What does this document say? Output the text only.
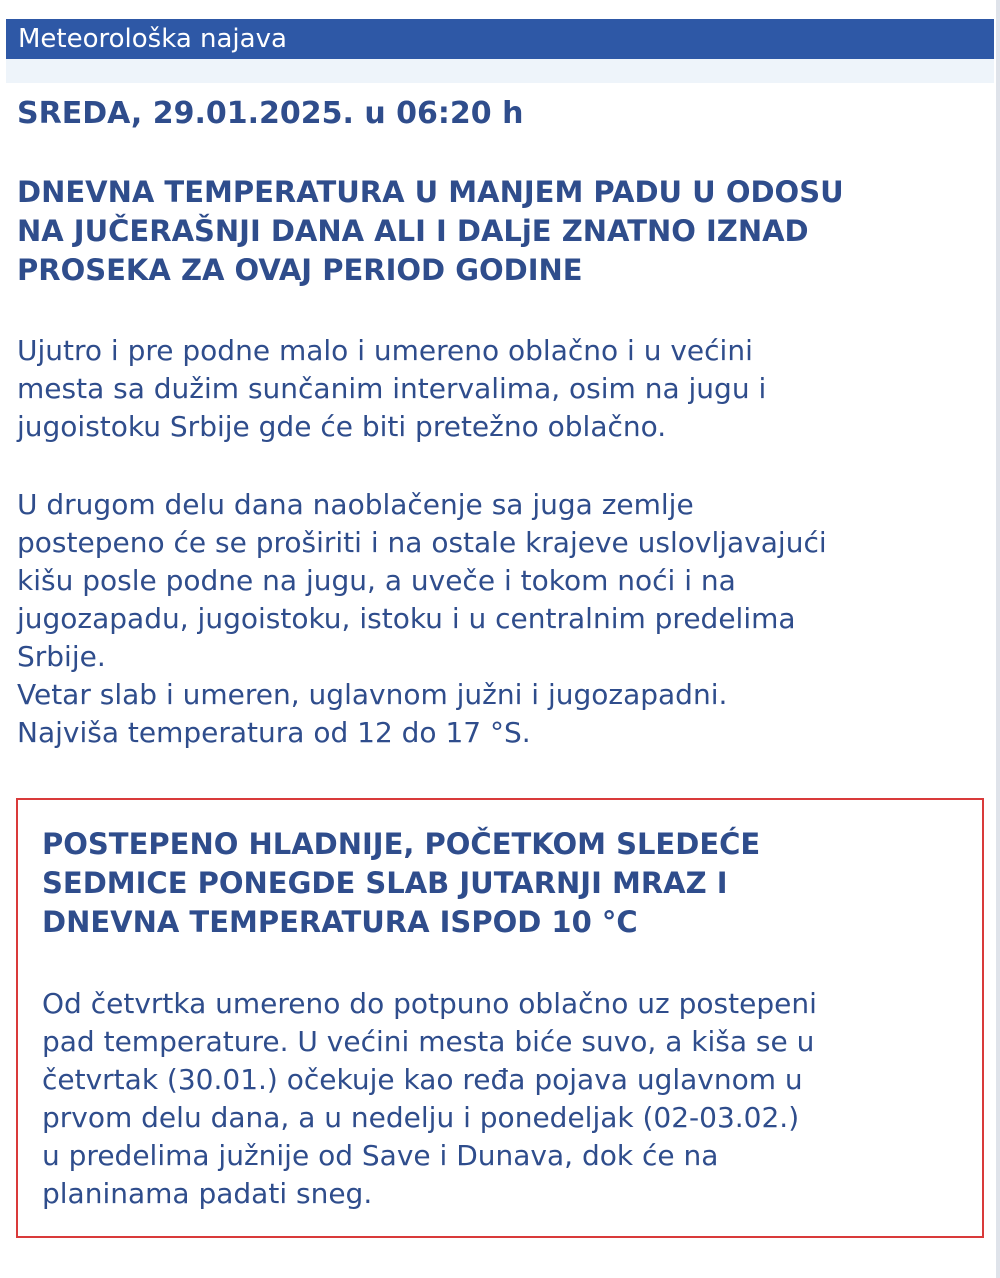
Meteorološka najava
SREDA, 29.01.2025. u 06:20 h
DNEVNA TEMPERATURA U MANJEM PADU U ODOSU
NA JUČERAŠNJI DANA ALI I DALjE ZNATNO IZNAD
PROSEKA ZA OVAJ PERIOD GODINE

Ujutro i pre podne malo i umereno oblačno i u većini
mesta sa dužim sunčanim intervalima, osim na jugu i
jugoistoku Srbije gde će biti pretežno oblačno.

U drugom delu dana naoblačenje sa juga zemlje
postepeno će se proširiti i na ostale krajeve uslovljavajući
kišu posle podne na jugu, a uveče i tokom noći i na
jugozapadu, jugoistoku, istoku i u centralnim predelima
Srbije.
Vetar slab i umeren, uglavnom južni i jugozapadni.
Najviša temperatura od 12 do 17 °S.

POSTEPENO HLADNIJE, POČETKOM SLEDEĆE
SEDMICE PONEGDE SLAB JUTARNJI MRAZ I
DNEVNA TEMPERATURA ISPOD 10 °C

Od četvrtka umereno do potpuno oblačno uz postepeni
pad temperature. U većini mesta biće suvo, a kiša se u
četvrtak (30.01.) očekuje kao ređa pojava uglavnom u
prvom delu dana, a u nedelju i ponedeljak (02-03.02.)
u predelima južnije od Save i Dunava, dok će na
planinama padati sneg.
